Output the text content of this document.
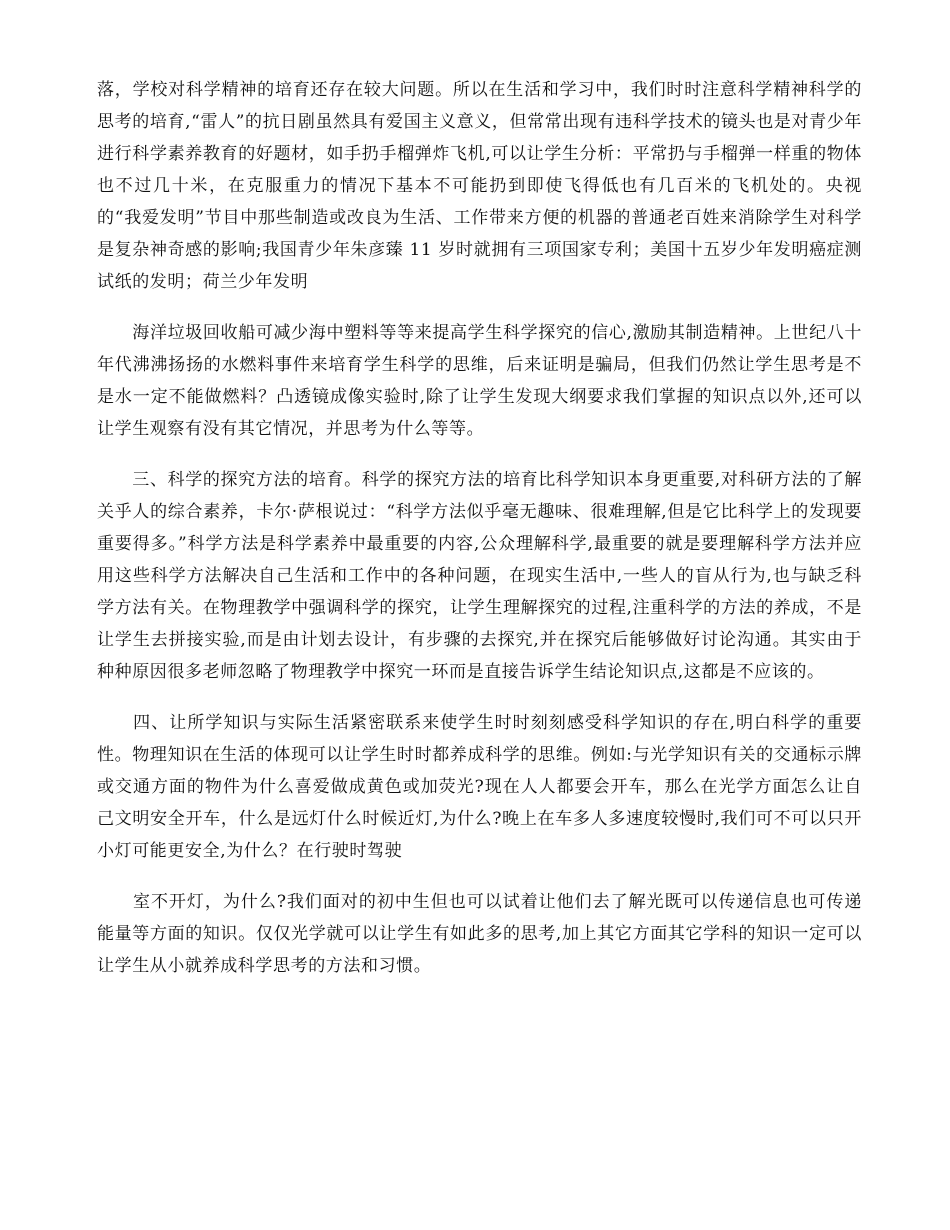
落，学校对科学精神的培育还存在较大问题。所以在生活和学习中，我们时时注意科学精神科学的思考的培育,“雷人”的抗日剧虽然具有爱国主义意义，但常常出现有违科学技术的镜头也是对青少年进行科学素养教育的好题材，如手扔手榴弹炸飞机,可以让学生分析：平常扔与手榴弹一样重的物体也不过几十米，在克服重力的情况下基本不可能扔到即使飞得低也有几百米的飞机处的。央视的“我爱发明”节目中那些制造或改良为生活、工作带来方便的机器的普通老百姓来消除学生对科学是复杂神奇感的影响;我国青少年朱彦臻 11 岁时就拥有三项国家专利；美国十五岁少年发明癌症测试纸的发明；荷兰少年发明

　　海洋垃圾回收船可减少海中塑料等等来提高学生科学探究的信心,激励其制造精神。上世纪八十年代沸沸扬扬的水燃料事件来培育学生科学的思维，后来证明是骗局，但我们仍然让学生思考是不是水一定不能做燃料？凸透镜成像实验时,除了让学生发现大纲要求我们掌握的知识点以外,还可以让学生观察有没有其它情况，并思考为什么等等。

　　三、科学的探究方法的培育。科学的探究方法的培育比科学知识本身更重要,对科研方法的了解关乎人的综合素养，卡尔·萨根说过：“科学方法似乎毫无趣味、很难理解,但是它比科学上的发现要重要得多。”科学方法是科学素养中最重要的内容,公众理解科学,最重要的就是要理解科学方法并应用这些科学方法解决自己生活和工作中的各种问题，在现实生活中,一些人的盲从行为,也与缺乏科学方法有关。在物理教学中强调科学的探究，让学生理解探究的过程,注重科学的方法的养成，不是让学生去拼接实验,而是由计划去设计，有步骤的去探究,并在探究后能够做好讨论沟通。其实由于种种原因很多老师忽略了物理教学中探究一环而是直接告诉学生结论知识点,这都是不应该的。

　　四、让所学知识与实际生活紧密联系来使学生时时刻刻感受科学知识的存在,明白科学的重要性。物理知识在生活的体现可以让学生时时都养成科学的思维。例如:与光学知识有关的交通标示牌或交通方面的物件为什么喜爱做成黄色或加荧光?现在人人都要会开车，那么在光学方面怎么让自己文明安全开车，什么是远灯什么时候近灯,为什么?晚上在车多人多速度较慢时,我们可不可以只开小灯可能更安全,为什么？在行驶时驾驶

　　室不开灯，为什么?我们面对的初中生但也可以试着让他们去了解光既可以传递信息也可传递能量等方面的知识。仅仅光学就可以让学生有如此多的思考,加上其它方面其它学科的知识一定可以让学生从小就养成科学思考的方法和习惯。
